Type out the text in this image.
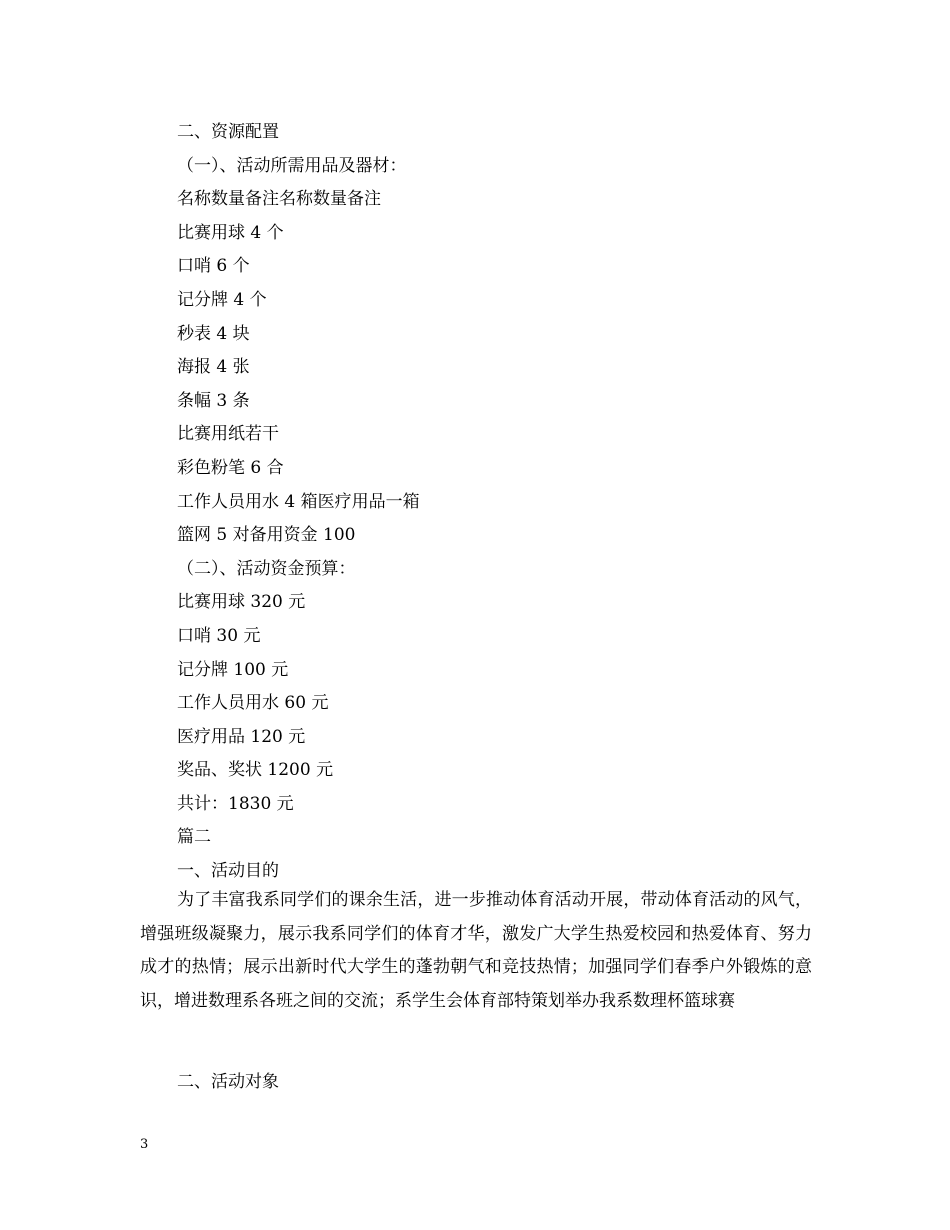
二、资源配置
（一）、活动所需用品及器材：
名称数量备注名称数量备注
比赛用球 4 个
口哨 6 个
记分牌 4 个
秒表 4 块
海报 4 张
条幅 3 条
比赛用纸若干
彩色粉笔 6 合
工作人员用水 4 箱医疗用品一箱
篮网 5 对备用资金 100
（二）、活动资金预算：
比赛用球 320 元
口哨 30 元
记分牌 100 元
工作人员用水 60 元
医疗用品 120 元
奖品、奖状 1200 元
共计：1830 元
篇二
一、活动目的
为了丰富我系同学们的课余生活，进一步推动体育活动开展，带动体育活动的风气，增强班级凝聚力，展示我系同学们的体育才华，激发广大学生热爱校园和热爱体育、努力成才的热情；展示出新时代大学生的蓬勃朝气和竞技热情；加强同学们春季户外锻炼的意识，增进数理系各班之间的交流；系学生会体育部特策划举办我系数理杯篮球赛
二、活动对象
3
